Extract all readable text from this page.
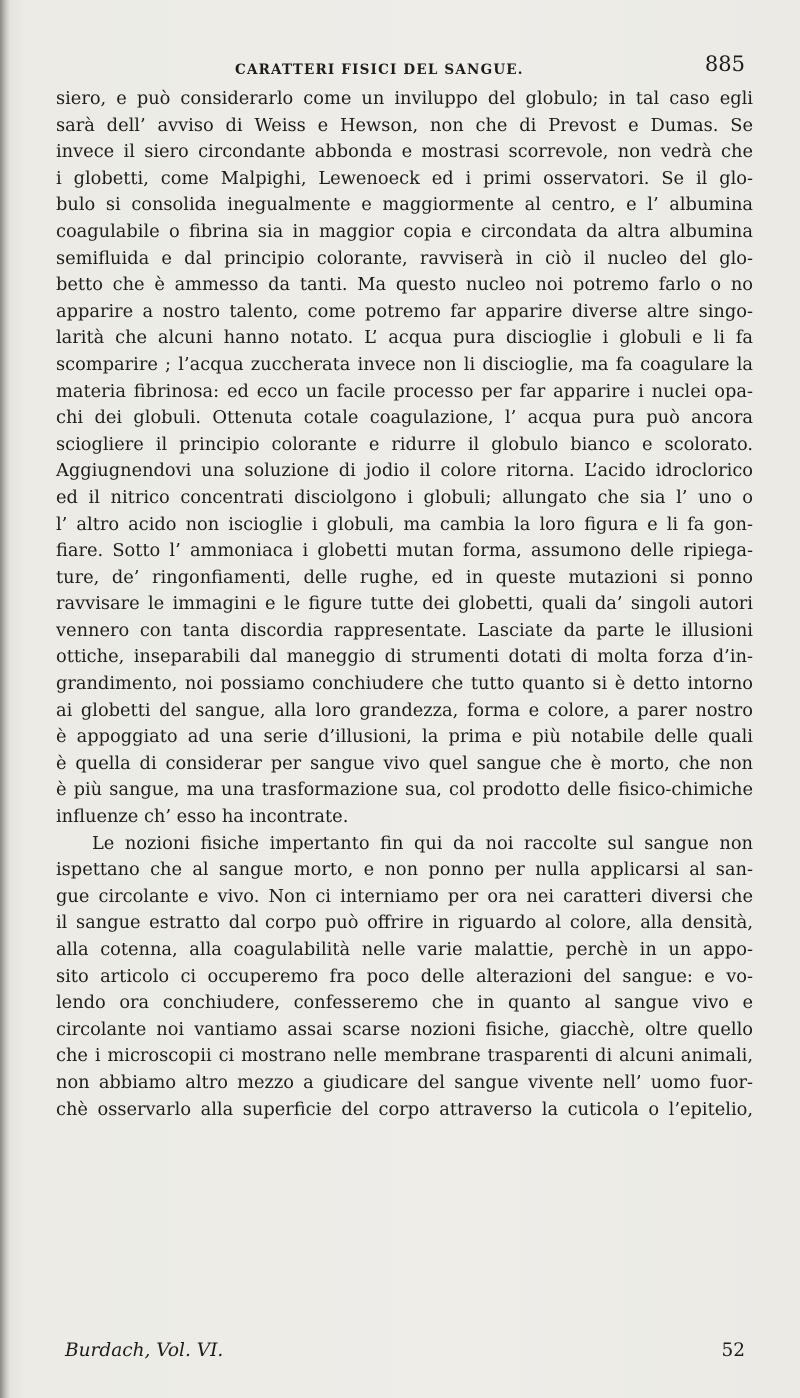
CARATTERI FISICI DEL SANGUE.	885
siero, e può considerarlo come un inviluppo del globulo; in tal caso egli
sarà dell’ avviso di Weiss e Hewson, non che di Prevost e Dumas. Se
invece il siero circondante abbonda e mostrasi scorrevole, non vedrà che
i globetti, come Malpighi, Lewenoeck ed i primi osservatori. Se il glo-
bulo si consolida inegualmente e maggiormente al centro, e l’ albumina
coagulabile o fibrina sia in maggior copia e circondata da altra albumina
semifluida e dal principio colorante, ravviserà in ciò il nucleo del glo-
betto che è ammesso da tanti. Ma questo nucleo noi potremo farlo o no
apparire a nostro talento, come potremo far apparire diverse altre singo-
larità che alcuni hanno notato. L’ acqua pura discioglie i globuli e li fa
scomparire ; l’acqua zuccherata invece non li discioglie, ma fa coagulare la
materia fibrinosa: ed ecco un facile processo per far apparire i nuclei opa-
chi dei globuli. Ottenuta cotale coagulazione, l’ acqua pura può ancora
sciogliere il principio colorante e ridurre il globulo bianco e scolorato.
Aggiugnendovi una soluzione di jodio il colore ritorna. L’acido idroclorico
ed il nitrico concentrati disciolgono i globuli; allungato che sia l’ uno o
l’ altro acido non iscioglie i globuli, ma cambia la loro figura e li fa gon-
fiare. Sotto l’ ammoniaca i globetti mutan forma, assumono delle ripiega-
ture, de’ ringonfiamenti, delle rughe, ed in queste mutazioni si ponno
ravvisare le immagini e le figure tutte dei globetti, quali da’ singoli autori
vennero con tanta discordia rappresentate. Lasciate da parte le illusioni
ottiche, inseparabili dal maneggio di strumenti dotati di molta forza d’in-
grandimento, noi possiamo conchiudere che tutto quanto si è detto intorno
ai globetti del sangue, alla loro grandezza, forma e colore, a parer nostro
è appoggiato ad una serie d’illusioni, la prima e più notabile delle quali
è quella di considerar per sangue vivo quel sangue che è morto, che non
è più sangue, ma una trasformazione sua, col prodotto delle fisico-chimiche
influenze ch’ esso ha incontrate.
Le nozioni fisiche impertanto fin qui da noi raccolte sul sangue non
ispettano che al sangue morto, e non ponno per nulla applicarsi al san-
gue circolante e vivo. Non ci interniamo per ora nei caratteri diversi che
il sangue estratto dal corpo può offrire in riguardo al colore, alla densità,
alla cotenna, alla coagulabilità nelle varie malattie, perchè in un appo-
sito articolo ci occuperemo fra poco delle alterazioni del sangue: e vo-
lendo ora conchiudere, confesseremo che in quanto al sangue vivo e
circolante noi vantiamo assai scarse nozioni fisiche, giacchè, oltre quello
che i microscopii ci mostrano nelle membrane trasparenti di alcuni animali,
non abbiamo altro mezzo a giudicare del sangue vivente nell’ uomo fuor-
chè osservarlo alla superficie del corpo attraverso la cuticola o l’epitelio,
Burdach, Vol. VI.	52
